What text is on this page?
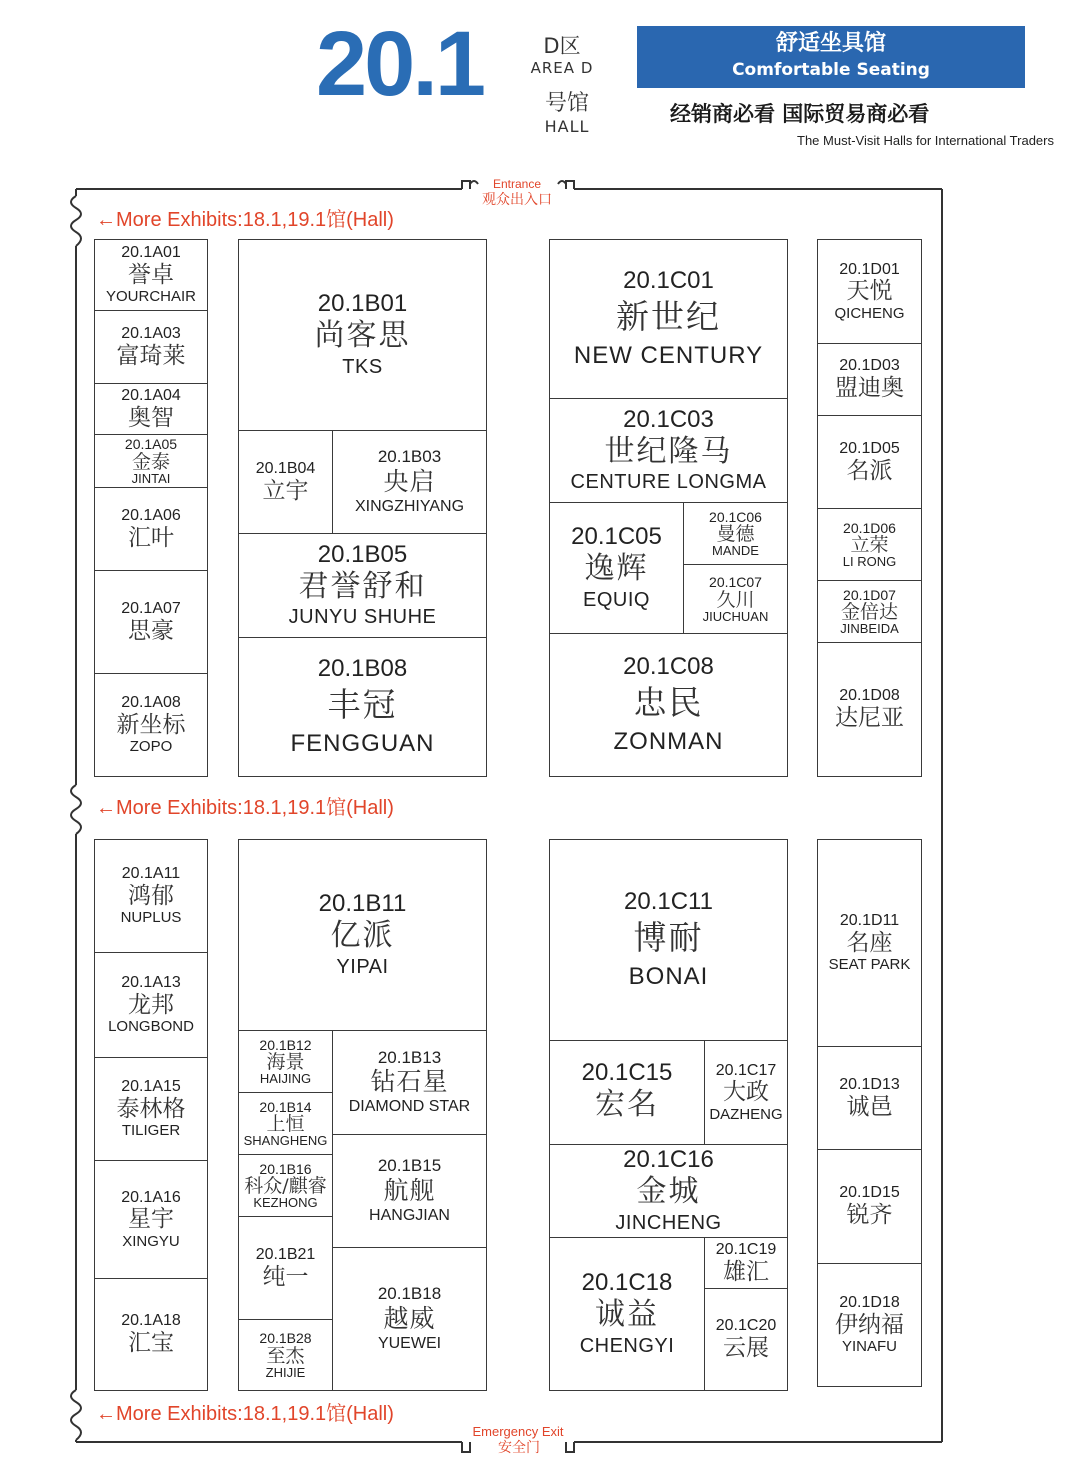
20.1	D区
AREA D
号馆
HALL
舒适坐具馆
Comfortable Seating
经销商必看 国际贸易商必看
The Must-Visit Halls for International Traders
Entrance
观众出入口
Emergency Exit
安全门
←More Exhibits:18.1,19.1馆(Hall)
←More Exhibits:18.1,19.1馆(Hall)
←More Exhibits:18.1,19.1馆(Hall)
20.1A01
誉卓
YOURCHAIR
20.1A03
富琦莱
20.1A04
奥智
20.1A05
金泰
JINTAI
20.1A06
汇叶
20.1A07
思豪
20.1A08
新坐标
ZOPO
20.1B01
尚客思
TKS
20.1B04
立宇
20.1B03
央启
XINGZHIYANG
20.1B05
君誉舒和
JUNYU SHUHE
20.1B08
丰冠
FENGGUAN
20.1C01
新世纪
NEW CENTURY
20.1C03
世纪隆马
CENTURE LONGMA
20.1C05
逸辉
EQUIQ
20.1C06
曼德
MANDE
20.1C07
久川
JIUCHUAN
20.1C08
忠民
ZONMAN
20.1D01
天悦
QICHENG
20.1D03
盟迪奥
20.1D05
名派
20.1D06
立荣
LI RONG
20.1D07
金倍达
JINBEIDA
20.1D08
达尼亚
20.1A11
鸿郁
NUPLUS
20.1A13
龙邦
LONGBOND
20.1A15
泰林格
TILIGER
20.1A16
星宇
XINGYU
20.1A18
汇宝
20.1B11
亿派
YIPAI
20.1B12
海景
HAIJING
20.1B14
上恒
SHANGHENG
20.1B16
科众/麒睿
KEZHONG
20.1B21
纯一
20.1B28
至杰
ZHIJIE
20.1B13
钻石星
DIAMOND STAR
20.1B15
航舰
HANGJIAN
20.1B18
越威
YUEWEI
20.1C11
博耐
BONAI
20.1C15
宏名
20.1C17
大政
DAZHENG
20.1C16
金城
JINCHENG
20.1C18
诚益
CHENGYI
20.1C19
雄汇
20.1C20
云展
20.1D11
名座
SEAT PARK
20.1D13
诚邑
20.1D15
锐齐
20.1D18
伊纳福
YINAFU
